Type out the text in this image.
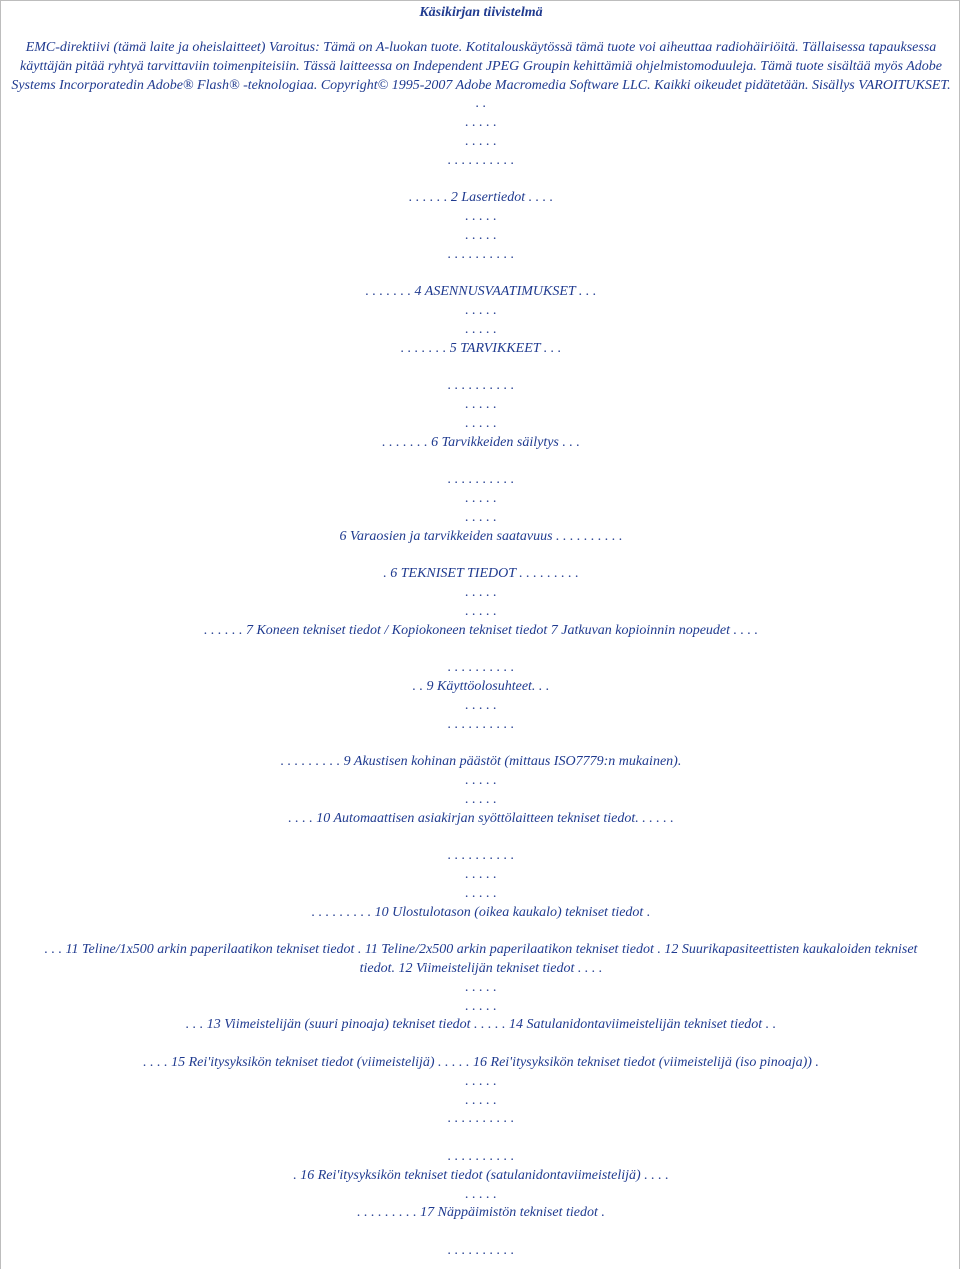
Käsikirjan tiivistelmä
EMC-direktiivi (tämä laite ja oheislaitteet) Varoitus: Tämä on A-luokan tuote. Kotitalouskäytössä tämä tuote voi aiheuttaa radiohäiriöitä. Tällaisessa tapauksessa käyttäjän pitää ryhtyä tarvittaviin toimenpiteisiin. Tässä laitteessa on Independent JPEG Groupin kehittämiä ohjelmistomoduuleja. Tämä tuote sisältää myös Adobe Systems Incorporatedin Adobe® Flash® -teknologiaa. Copyright© 1995-2007 Adobe Macromedia Software LLC. Kaikki oikeudet pidätetään. Sisällys VAROITUKSET. . .
. . . . .
. . . . .
. . . . . . . . . .
. . . . . . 2 Lasertiedot . . . .
. . . . .
. . . . .
. . . . . . . . . .
. . . . . . . 4 ASENNUSVAATIMUKSET . . .
. . . . .
. . . . .
. . . . . . . 5 TARVIKKEET . . .
. . . . . . . . . .
. . . . .
. . . . .
. . . . . . . 6 Tarvikkeiden säilytys . . .
. . . . . . . . . .
. . . . .
. . . . .
6 Varaosien ja tarvikkeiden saatavuus . . . . . . . . . .
. 6 TEKNISET TIEDOT . . . . . . . . .
. . . . .
. . . . .
. . . . . . 7 Koneen tekniset tiedot / Kopiokoneen tekniset tiedot 7 Jatkuvan kopioinnin nopeudet . . . .
. . . . . . . . . .
. . 9 Käyttöolosuhteet. . .
. . . . .
. . . . . . . . . .
. . . . . . . . . 9 Akustisen kohinan päästöt (mittaus ISO7779:n mukainen).
. . . . .
. . . . .
. . . . 10 Automaattisen asiakirjan syöttölaitteen tekniset tiedot. . . . . .
. . . . . . . . . .
. . . . .
. . . . .
. . . . . . . . . 10 Ulostulotason (oikea kaukalo) tekniset tiedot .
. . . 11 Teline/1x500 arkin paperilaatikon tekniset tiedot . 11 Teline/2x500 arkin paperilaatikon tekniset tiedot . 12 Suurikapasiteettisten kaukaloiden tekniset
tiedot. 12 Viimeistelijän tekniset tiedot . . . .
. . . . .
. . . . .
. . . 13 Viimeistelijän (suuri pinoaja) tekniset tiedot . . . . . 14 Satulanidontaviimeistelijän tekniset tiedot . .
. . . . 15 Rei'itysyksikön tekniset tiedot (viimeistelijä) . . . . . 16 Rei'itysyksikön tekniset tiedot (viimeistelijä (iso pinoaja)) .
. . . . .
. . . . .
. . . . . . . . . .
. . . . . . . . . .
. 16 Rei'itysyksikön tekniset tiedot (satulanidontaviimeistelijä) . . . .
. . . . .
. . . . . . . . . 17 Näppäimistön tekniset tiedot .
. . . . . . . . . .
